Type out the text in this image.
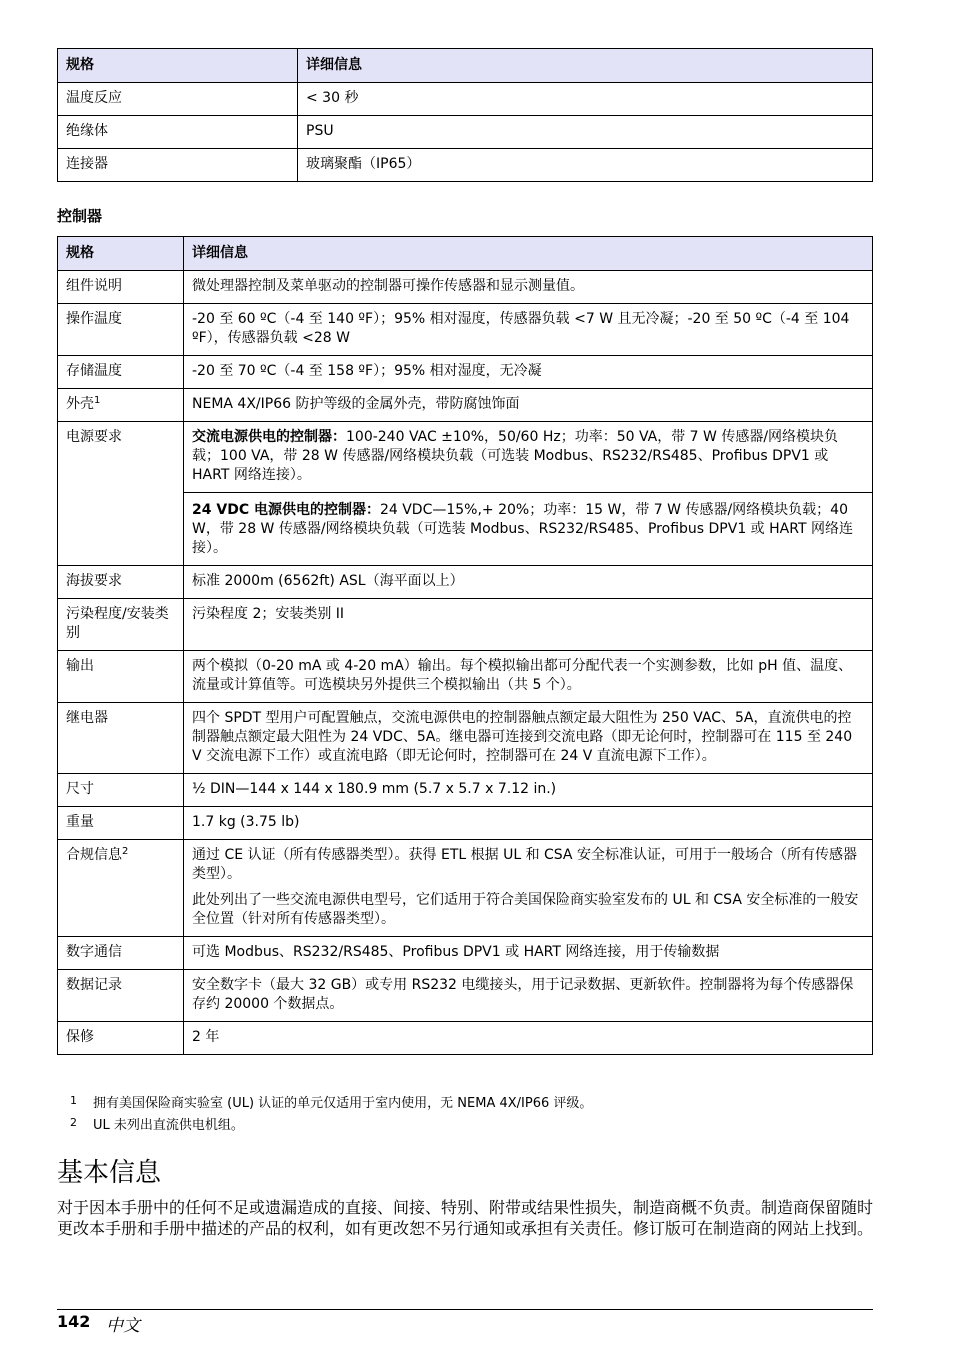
规格	详细信息
温度反应	< 30 秒
绝缘体	PSU
连接器	玻璃聚酯（IP65）
控制器
规格	详细信息
组件说明	微处理器控制及菜单驱动的控制器可操作传感器和显示测量值。
操作温度	-20 至 60 ºC（-4 至 140 ºF）；95% 相对湿度，传感器负载 <7 W 且无冷凝；-20 至 50 ºC（-4 至 104 ºF），传感器负载 <28 W
存储温度	-20 至 70 ºC（-4 至 158 ºF）；95% 相对湿度，无冷凝
外壳$^1$	NEMA 4X/IP66 防护等级的金属外壳，带防腐蚀饰面
电源要求	交流电源供电的控制器：100-240 VAC ±10%，50/60 Hz；功率：50 VA，带 7 W 传感器/网络模块负载；100 VA，带 28 W 传感器/网络模块负载（可选装 Modbus、RS232/RS485、Profibus DPV1 或 HART 网络连接）。
24 VDC 电源供电的控制器：24 VDC—15%,+ 20%；功率：15 W，带 7 W 传感器/网络模块负载；40 W，带 28 W 传感器/网络模块负载（可选装 Modbus、RS232/RS485、Profibus DPV1 或 HART 网络连接）。

海拔要求	标准 2000m (6562ft) ASL（海平面以上）
污染程度/安装类别	污染程度 2；安装类别 II
输出	两个模拟（0-20 mA 或 4-20 mA）输出。每个模拟输出都可分配代表一个实测参数，比如 pH 值、温度、流量或计算值等。可选模块另外提供三个模拟输出（共 5 个）。
继电器	四个 SPDT 型用户可配置触点，交流电源供电的控制器触点额定最大阻性为 250 VAC、5A，直流供电的控制器触点额定最大阻性为 24 VDC、5A。继电器可连接到交流电路（即无论何时，控制器可在 115 至 240 V 交流电源下工作）或直流电路（即无论何时，控制器可在 24 V 直流电源下工作）。
尺寸	½ DIN—144 x 144 x 180.9 mm (5.7 x 5.7 x 7.12 in.)
重量	1.7 kg (3.75 lb)
合规信息$^2$	通过 CE 认证（所有传感器类型）。获得 ETL 根据 UL 和 CSA 安全标准认证，可用于一般场合（所有传感器类型）。

此处列出了一些交流电源供电型号，它们适用于符合美国保险商实验室发布的 UL 和 CSA 安全标准的一般安全位置（针对所有传感器类型）。

数字通信	可选 Modbus、RS232/RS485、Profibus DPV1 或 HART 网络连接，用于传输数据
数据记录	安全数字卡（最大 32 GB）或专用 RS232 电缆接头，用于记录数据、更新软件。控制器将为每个传感器保存约 20000 个数据点。
保修	2 年
1 拥有美国保险商实验室 (UL) 认证的单元仅适用于室内使用，无 NEMA 4X/IP66 评级。
2 UL 未列出直流供电机组。
基本信息
对于因本手册中的任何不足或遗漏造成的直接、间接、特别、附带或结果性损失，制造商概不负责。制造商保留随时更改本手册和手册中描述的产品的权利，如有更改恕不另行通知或承担有关责任。修订版可在制造商的网站上找到。
142 中文
